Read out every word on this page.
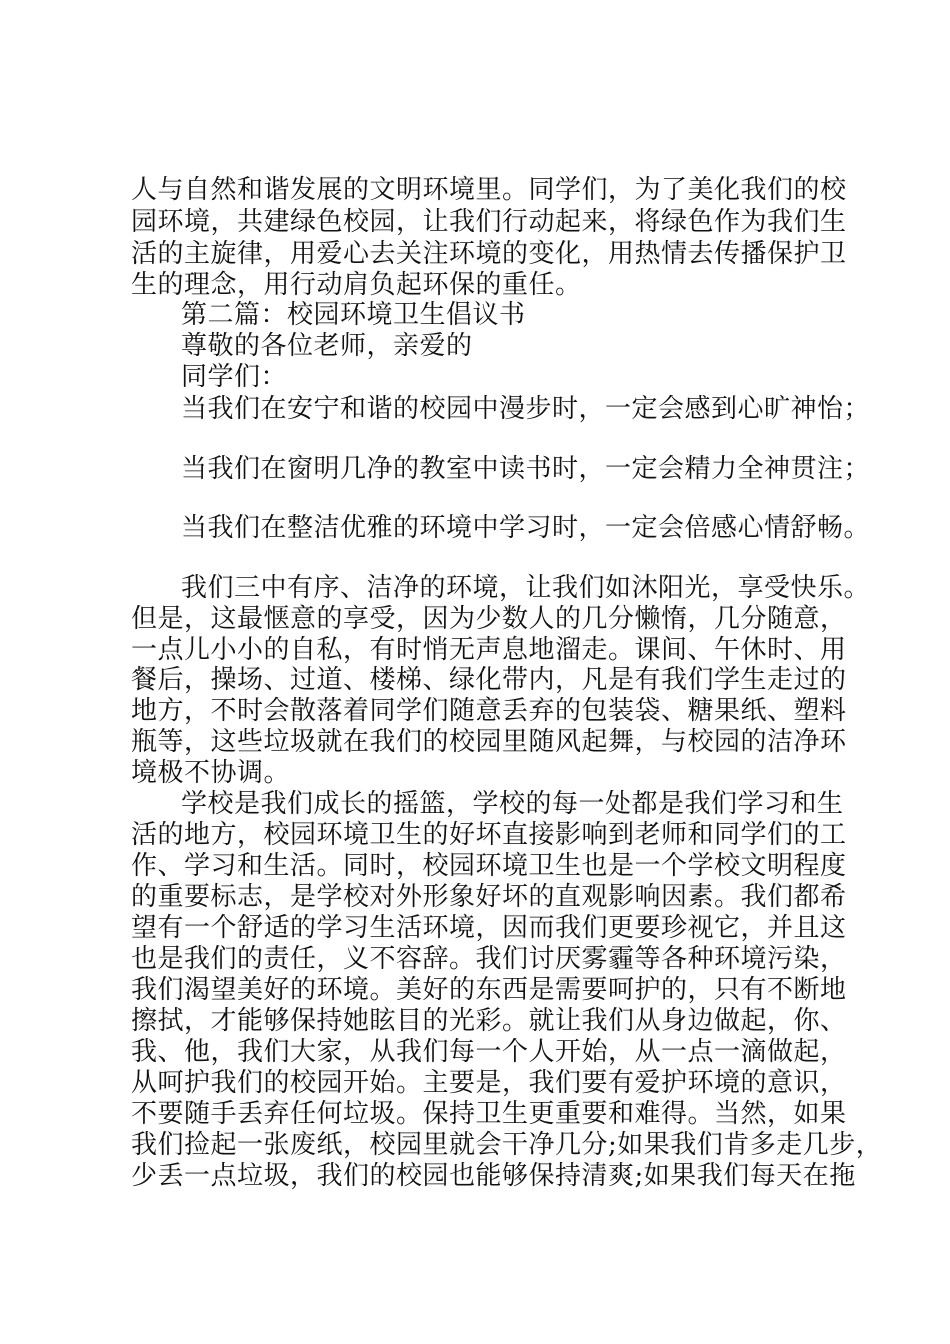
人与自然和谐发展的文明环境里。同学们，为了美化我们的校
园环境，共建绿色校园，让我们行动起来，将绿色作为我们生
活的主旋律，用爱心去关注环境的变化，用热情去传播保护卫
生的理念，用行动肩负起环保的重任。
第二篇：校园环境卫生倡议书
尊敬的各位老师，亲爱的
同学们：
当我们在安宁和谐的校园中漫步时，一定会感到心旷神怡；
当我们在窗明几净的教室中读书时，一定会精力全神贯注；
当我们在整洁优雅的环境中学习时，一定会倍感心情舒畅。
我们三中有序、洁净的环境，让我们如沐阳光，享受快乐。
但是，这最惬意的享受，因为少数人的几分懒惰，几分随意，
一点儿小小的自私，有时悄无声息地溜走。课间、午休时、用
餐后，操场、过道、楼梯、绿化带内，凡是有我们学生走过的
地方，不时会散落着同学们随意丢弃的包装袋、糖果纸、塑料
瓶等，这些垃圾就在我们的校园里随风起舞，与校园的洁净环
境极不协调。
学校是我们成长的摇篮，学校的每一处都是我们学习和生
活的地方，校园环境卫生的好坏直接影响到老师和同学们的工
作、学习和生活。同时，校园环境卫生也是一个学校文明程度
的重要标志，是学校对外形象好坏的直观影响因素。我们都希
望有一个舒适的学习生活环境，因而我们更要珍视它，并且这
也是我们的责任，义不容辞。我们讨厌雾霾等各种环境污染，
我们渴望美好的环境。美好的东西是需要呵护的，只有不断地
擦拭，才能够保持她眩目的光彩。就让我们从身边做起，你、
我、他，我们大家，从我们每一个人开始，从一点一滴做起，
从呵护我们的校园开始。主要是，我们要有爱护环境的意识，
不要随手丢弃任何垃圾。保持卫生更重要和难得。当然，如果
我们捡起一张废纸，校园里就会干净几分;如果我们肯多走几步，
少丢一点垃圾，我们的校园也能够保持清爽;如果我们每天在拖
